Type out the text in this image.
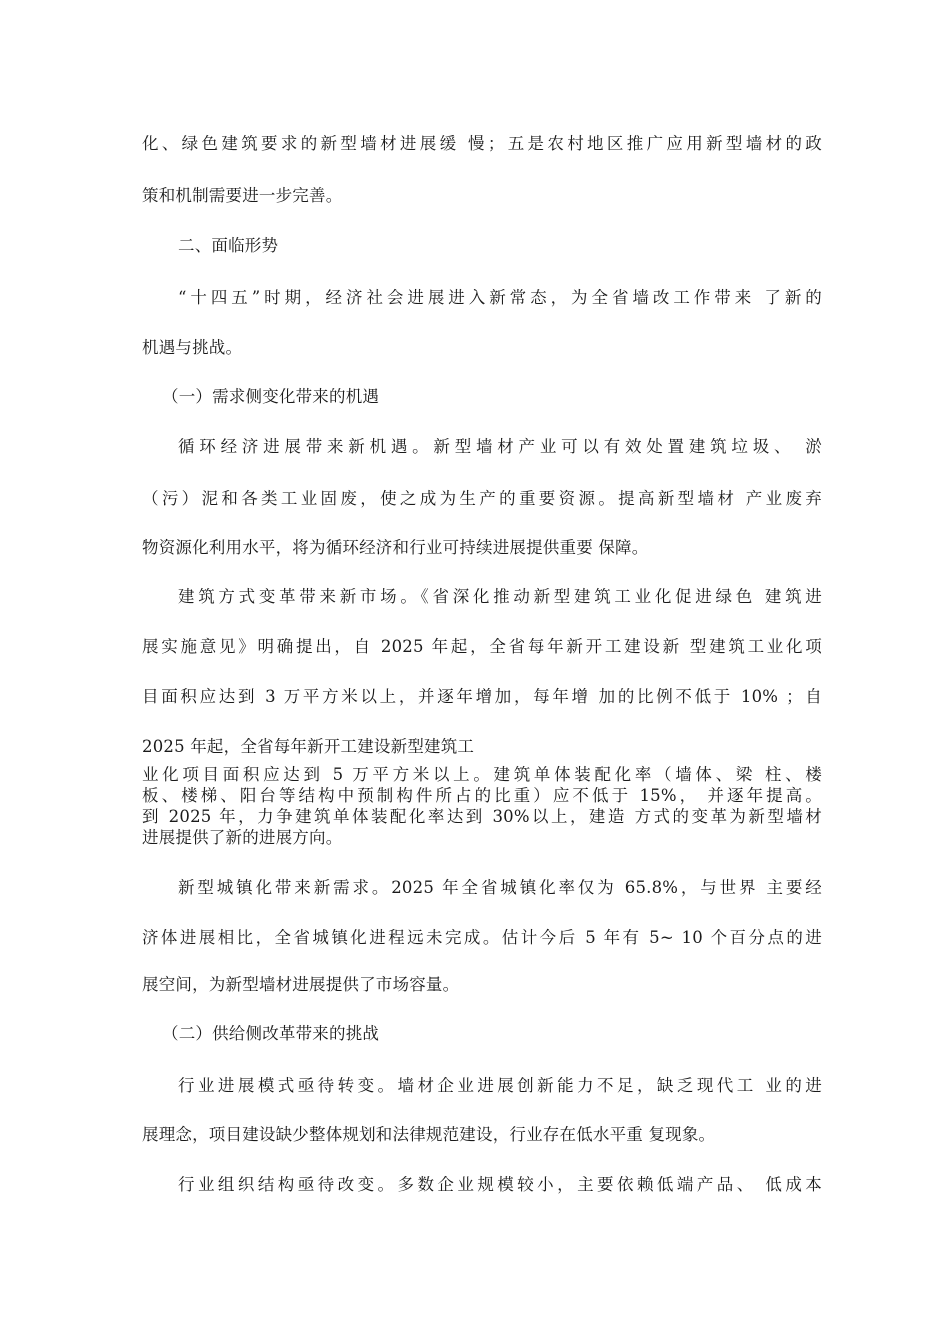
化、绿色建筑要求的新型墙材进展缓 慢；五是农村地区推广应用新型墙材的政
策和机制需要进一步完善。
二、面临形势
“十四五”时期，经济社会进展进入新常态，为全省墙改工作带来 了新的
机遇与挑战。
（一）需求侧变化带来的机遇
循环经济进展带来新机遇。新型墙材产业可以有效处置建筑垃圾、 淤
（污）泥和各类工业固废，使之成为生产的重要资源。提高新型墙材 产业废弃
物资源化利用水平，将为循环经济和行业可持续进展提供重要 保障。
建筑方式变革带来新市场。《省深化推动新型建筑工业化促进绿色 建筑进
展实施意见》明确提出，自 2025 年起，全省每年新开工建设新 型建筑工业化项
目面积应达到 3 万平方米以上，并逐年增加，每年增 加的比例不低于 10% ；自
2025 年起，全省每年新开工建设新型建筑工
业化项目面积应达到 5 万平方米以上。建筑单体装配化率（墙体、梁 柱、楼
板、楼梯、阳台等结构中预制构件所占的比重）应不低于 15%， 并逐年提高。
到 2025 年，力争建筑单体装配化率达到 30%以上，建造 方式的变革为新型墙材
进展提供了新的进展方向。
新型城镇化带来新需求。2025 年全省城镇化率仅为 65.8%，与世界 主要经
济体进展相比，全省城镇化进程远未完成。估计今后 5 年有 5~ 10 个百分点的进
展空间，为新型墙材进展提供了市场容量。
（二）供给侧改革带来的挑战
行业进展模式亟待转变。墙材企业进展创新能力不足，缺乏现代工 业的进
展理念，项目建设缺少整体规划和法律规范建设，行业存在低水平重 复现象。
行业组织结构亟待改变。多数企业规模较小，主要依赖低端产品、 低成本
